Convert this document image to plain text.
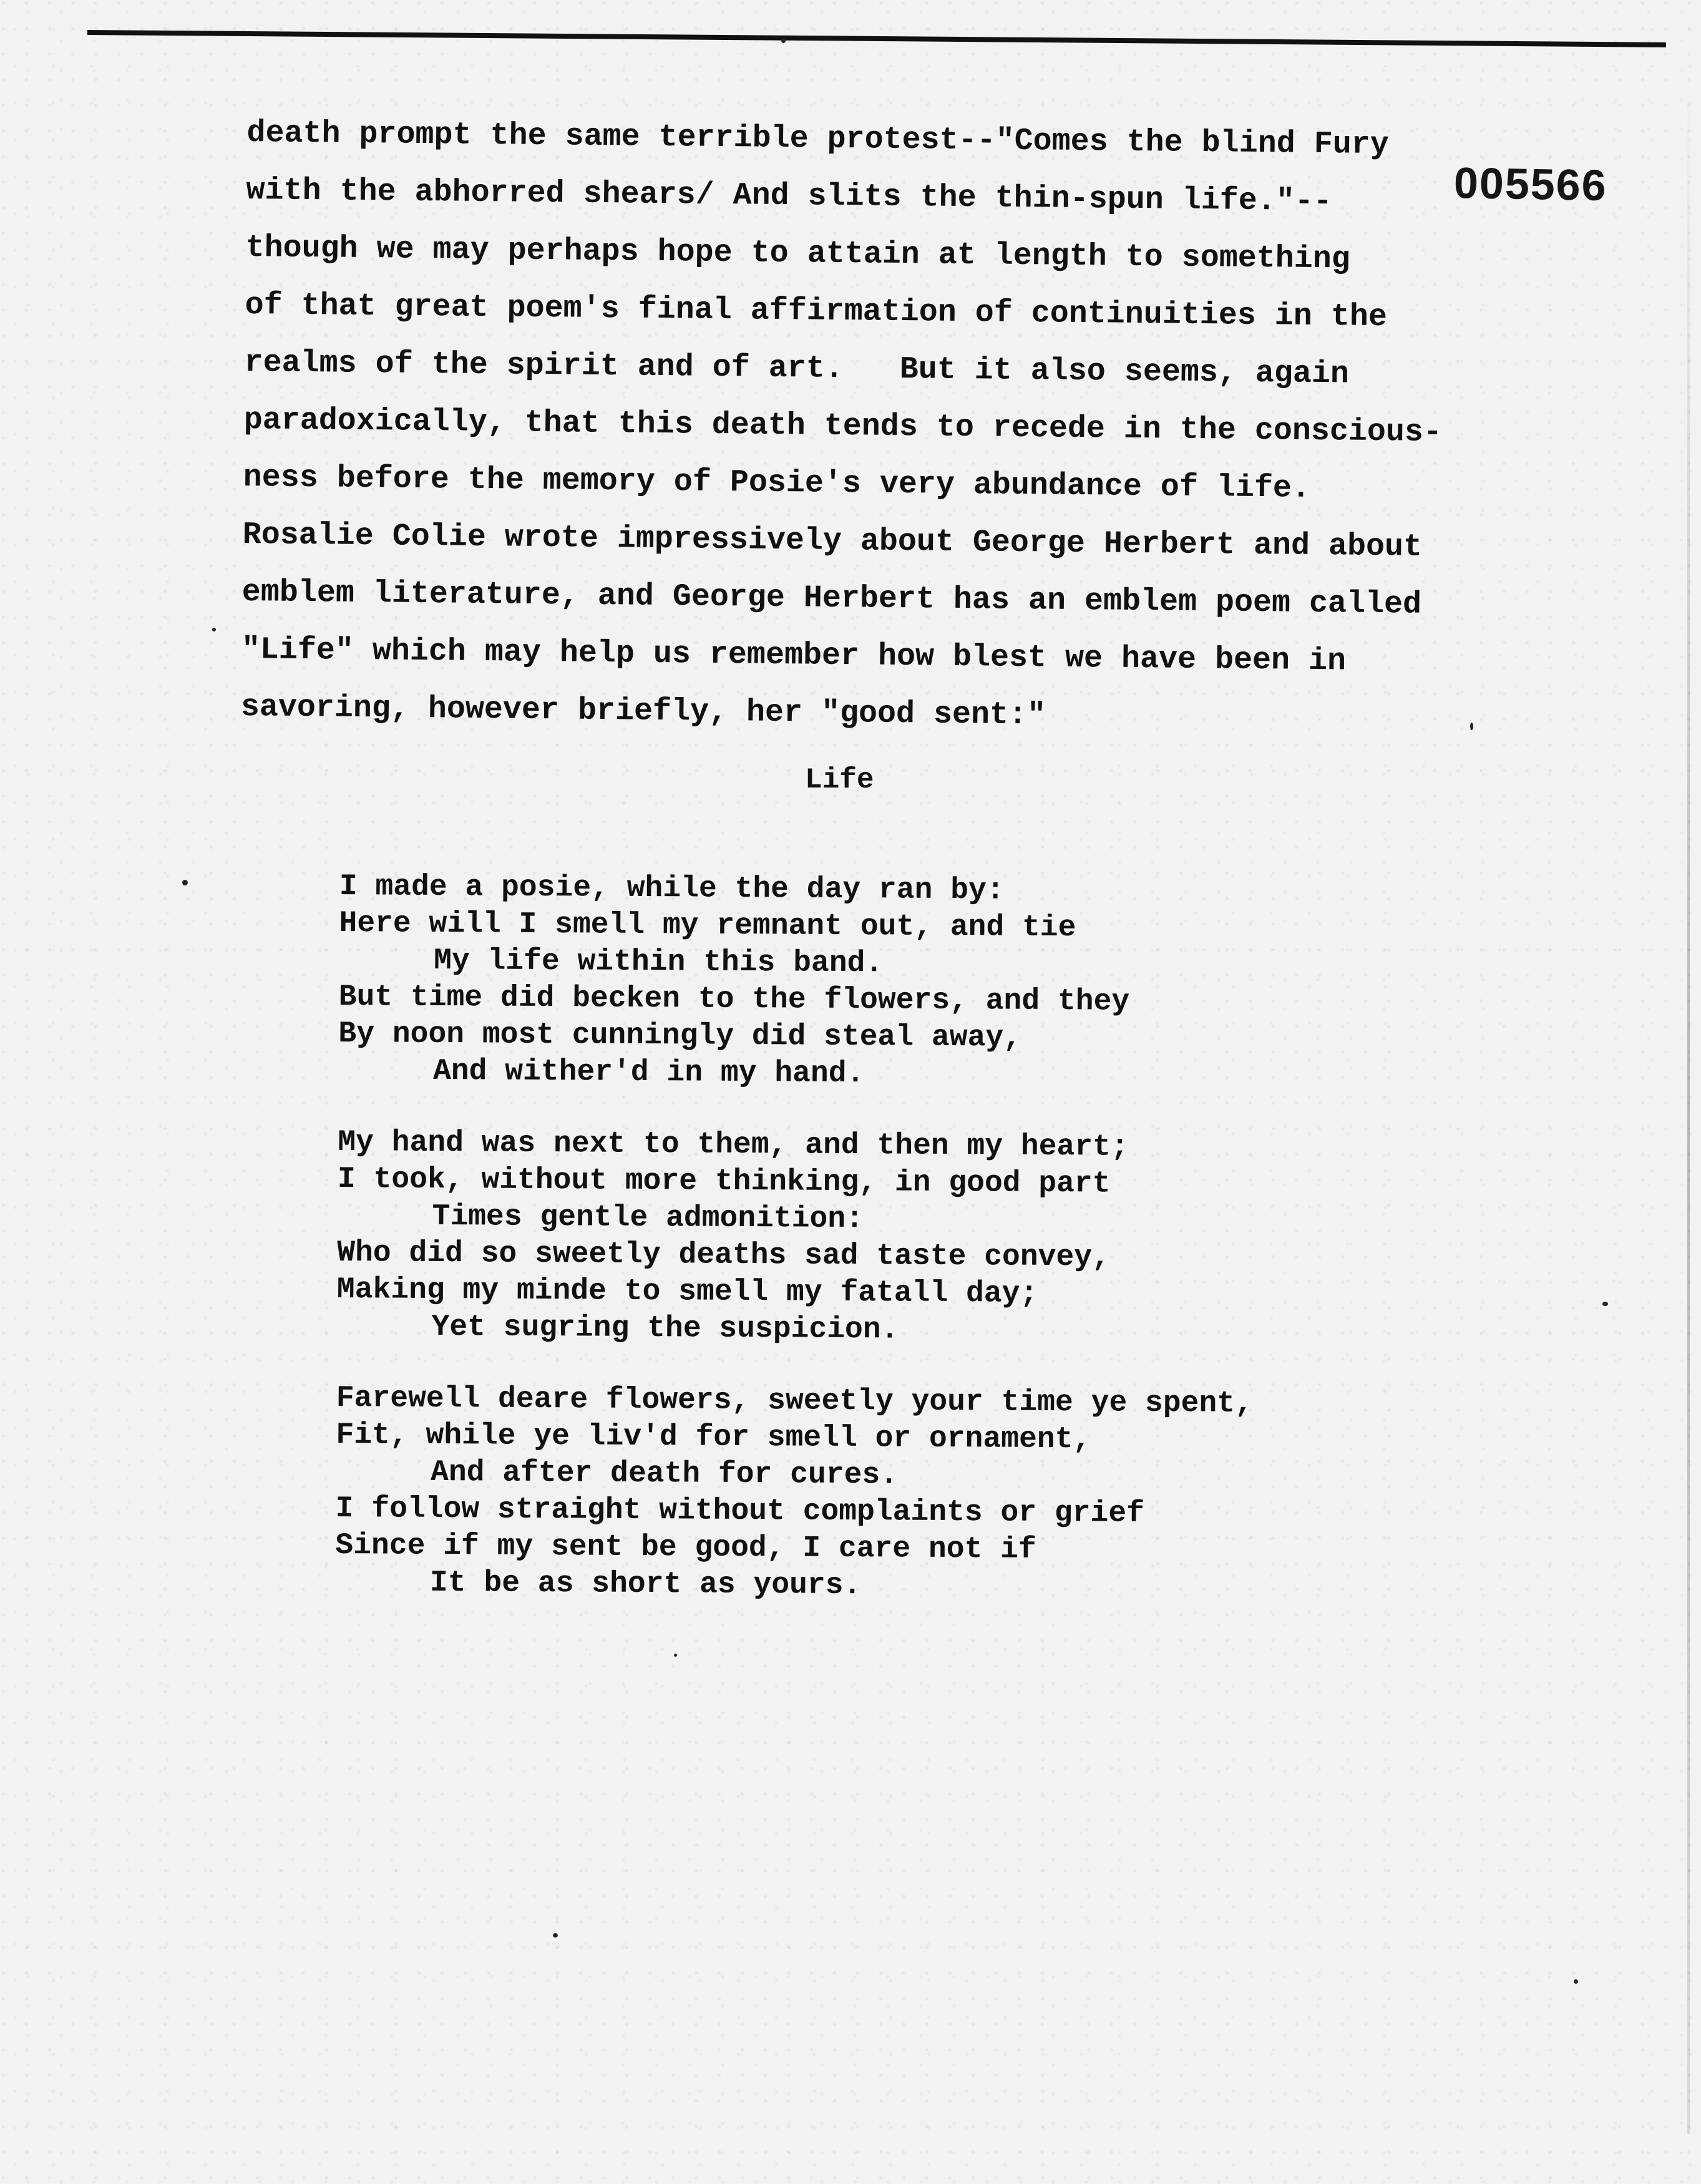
005566
death prompt the same terrible protest--"Comes the blind Fury
with the abhorred shears/ And slits the thin-spun life."--
though we may perhaps hope to attain at length to something
of that great poem's final affirmation of continuities in the
realms of the spirit and of art.   But it also seems, again
paradoxically, that this death tends to recede in the conscious-
ness before the memory of Posie's very abundance of life.
Rosalie Colie wrote impressively about George Herbert and about
emblem literature, and George Herbert has an emblem poem called
"Life" which may help us remember how blest we have been in
savoring, however briefly, her "good sent:"
Life
I made a posie, while the day ran by:
Here will I smell my remnant out, and tie
My life within this band.
But time did becken to the flowers, and they
By noon most cunningly did steal away,
And wither'd in my hand.
My hand was next to them, and then my heart;
I took, without more thinking, in good part
Times gentle admonition:
Who did so sweetly deaths sad taste convey,
Making my minde to smell my fatall day;
Yet sugring the suspicion.
Farewell deare flowers, sweetly your time ye spent,
Fit, while ye liv'd for smell or ornament,
And after death for cures.
I follow straight without complaints or grief
Since if my sent be good, I care not if
It be as short as yours.
